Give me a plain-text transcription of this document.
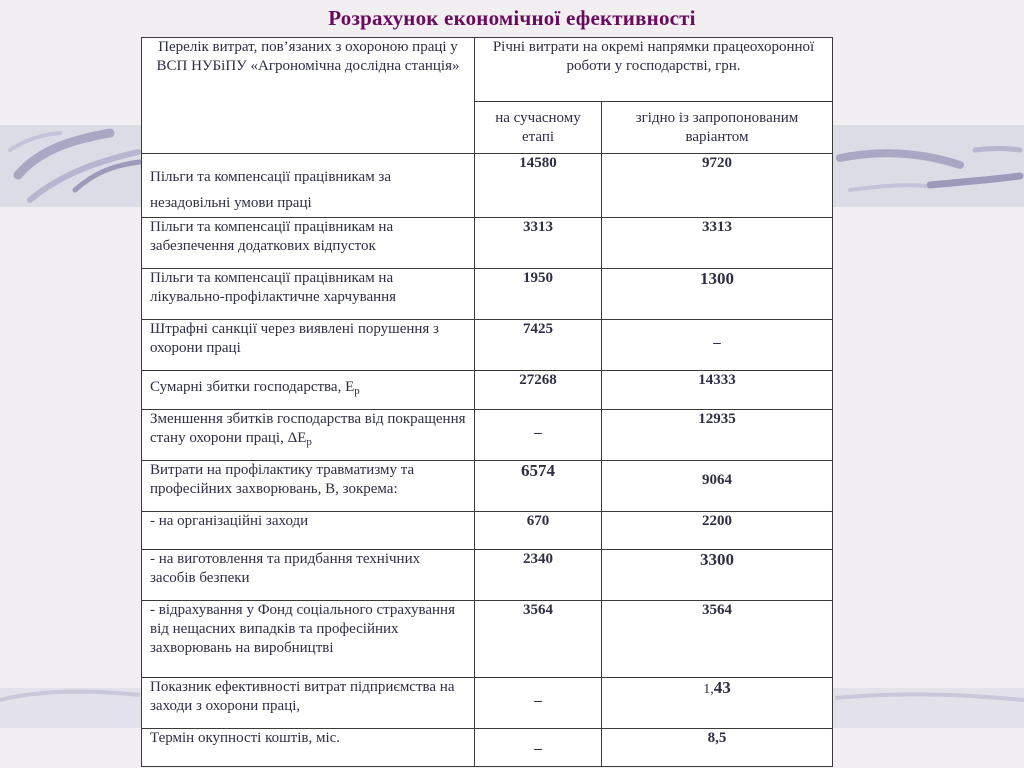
Розрахунок економічної ефективності
Перелік витрат, пов’язаних з охороною праці у ВСП НУБіПУ «Агрономічна дослідна станція»	Річні витрати на окремі напрямки працеохоронної роботи у господарстві, грн.	
	на сучасному етапі	згідно із запропонованим варіантом
Пільги та компенсації працівникам за незадовільні умови праці	14580	9720
Пільги та компенсації працівникам на забезпечення додаткових відпусток	3313	3313
Пільги та компенсації працівникам на лікувально-профілактичне харчування	1950	1300
Штрафні санкції через виявлені порушення з охорони праці	7425	–
Сумарні збитки господарства, $Е_р$	27268	14333
Зменшення збитків господарства від покращення стану охорони праці, $\Delta Е_р$	–	12935
Витрати на профілактику травматизму та професійних захворювань, В, зокрема:	6574	9064
- на організаційні заходи	670	2200
- на виготовлення та придбання технічних засобів безпеки	2340	3300
- відрахування у Фонд соціального страхування від нещасних випадків та професійних захворювань на виробництві	3564	3564
Показник ефективності витрат підприємства на заходи з охорони праці,	–	1,43
Термін окупності коштів, міс.	–	8,5
